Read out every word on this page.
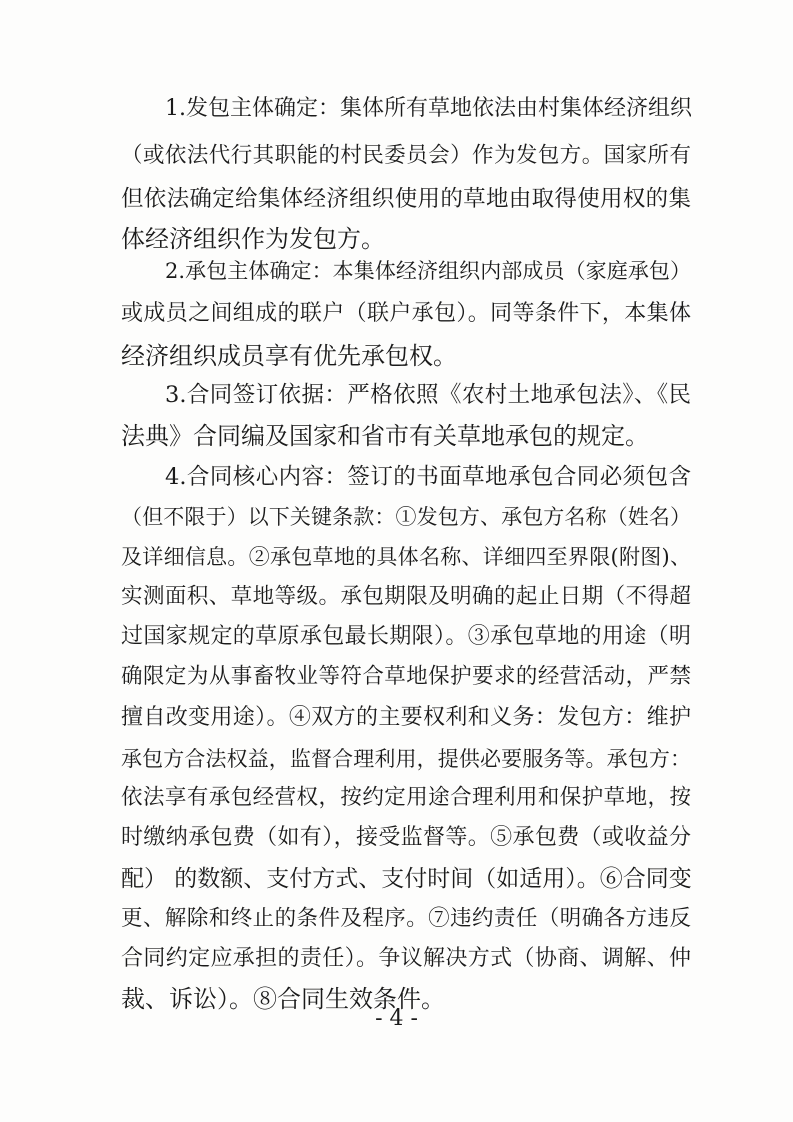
1.发包主体确定：集体所有草地依法由村集体经济组织
（或依法代行其职能的村民委员会）作为发包方。国家所有
但依法确定给集体经济组织使用的草地由取得使用权的集
体经济组织作为发包方。
2.承包主体确定：本集体经济组织内部成员（家庭承包）
或成员之间组成的联户（联户承包）。同等条件下，本集体
经济组织成员享有优先承包权。
3.合同签订依据：严格依照《农村土地承包法》、《民
法典》合同编及国家和省市有关草地承包的规定。
4.合同核心内容：签订的书面草地承包合同必须包含
（但不限于）以下关键条款：①发包方、承包方名称（姓名）
及详细信息。②承包草地的具体名称、详细四至界限(附图)、
实测面积、草地等级。承包期限及明确的起止日期（不得超
过国家规定的草原承包最长期限）。③承包草地的用途（明
确限定为从事畜牧业等符合草地保护要求的经营活动，严禁
擅自改变用途）。④双方的主要权利和义务：发包方：维护
承包方合法权益，监督合理利用，提供必要服务等。承包方：
依法享有承包经营权，按约定用途合理利用和保护草地，按
时缴纳承包费（如有），接受监督等。⑤承包费（或收益分
配） 的数额、支付方式、支付时间（如适用）。⑥合同变
更、解除和终止的条件及程序。⑦违约责任（明确各方违反
合同约定应承担的责任）。争议解决方式（协商、调解、仲
裁、诉讼）。⑧合同生效条件。
- 4 -
